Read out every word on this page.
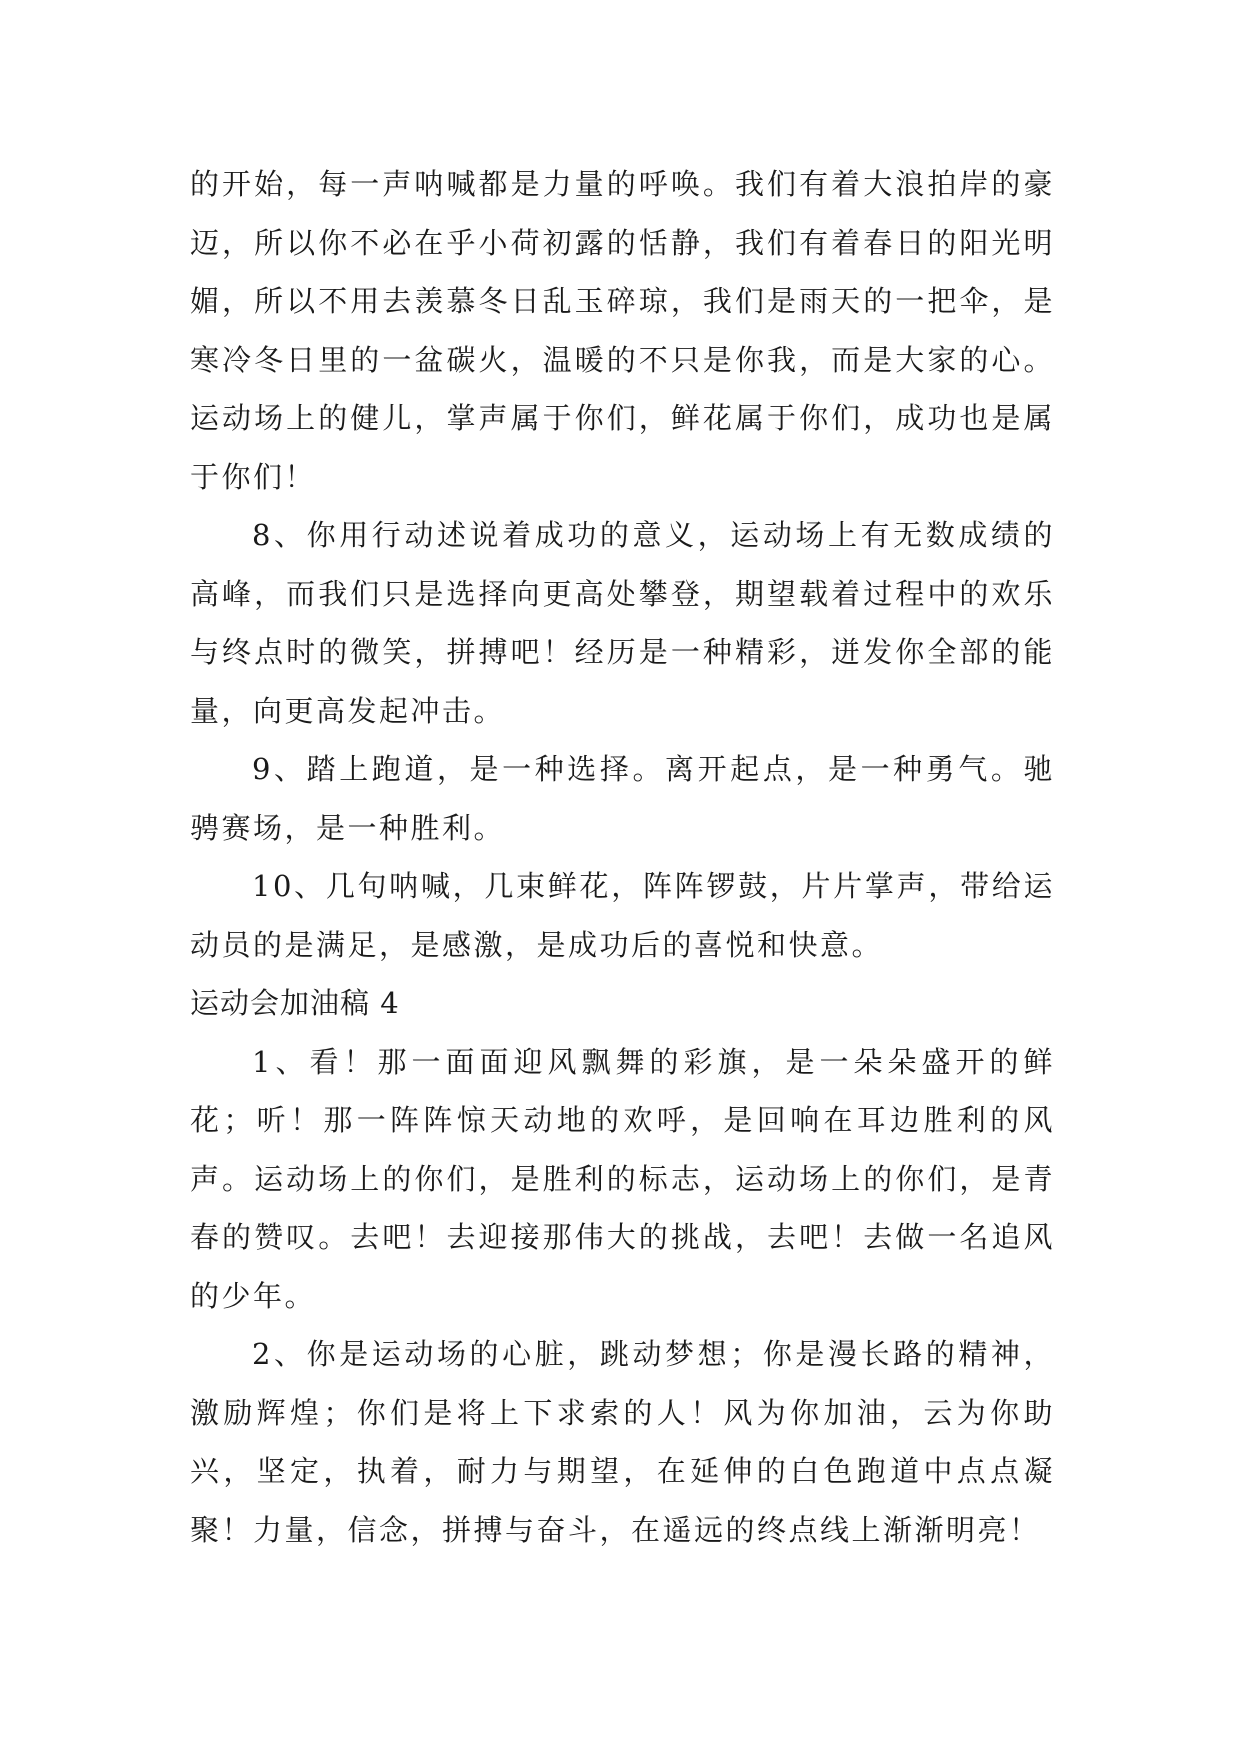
的开始，每一声呐喊都是力量的呼唤。我们有着大浪拍岸的豪迈，所以你不必在乎小荷初露的恬静，我们有着春日的阳光明媚，所以不用去羡慕冬日乱玉碎琼，我们是雨天的一把伞，是寒冷冬日里的一盆碳火，温暖的不只是你我，而是大家的心。运动场上的健儿，掌声属于你们，鲜花属于你们，成功也是属于你们！

8、你用行动述说着成功的意义，运动场上有无数成绩的高峰，而我们只是选择向更高处攀登，期望载着过程中的欢乐与终点时的微笑，拼搏吧！经历是一种精彩，迸发你全部的能量，向更高发起冲击。

9、踏上跑道，是一种选择。离开起点，是一种勇气。驰骋赛场，是一种胜利。

10、几句呐喊，几束鲜花，阵阵锣鼓，片片掌声，带给运动员的是满足，是感激，是成功后的喜悦和快意。

运动会加油稿 4

1、看！那一面面迎风飘舞的彩旗，是一朵朵盛开的鲜花；听！那一阵阵惊天动地的欢呼，是回响在耳边胜利的风声。运动场上的你们，是胜利的标志，运动场上的你们，是青春的赞叹。去吧！去迎接那伟大的挑战，去吧！去做一名追风的少年。

2、你是运动场的心脏，跳动梦想；你是漫长路的精神，激励辉煌；你们是将上下求索的人！风为你加油，云为你助兴，坚定，执着，耐力与期望，在延伸的白色跑道中点点凝聚！力量，信念，拼搏与奋斗，在遥远的终点线上渐渐明亮！
